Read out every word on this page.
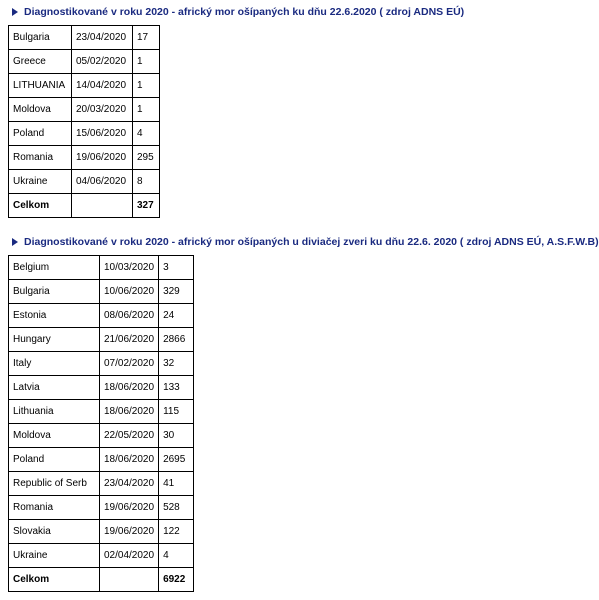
Diagnostikované v roku 2020 - africký mor ošípaných ku dňu 22.6.2020 ( zdroj ADNS EÚ)
Bulgaria	23/04/2020	17
Greece	05/02/2020	1
LITHUANIA	14/04/2020	1
Moldova	20/03/2020	1
Poland	15/06/2020	4
Romania	19/06/2020	295
Ukraine	04/06/2020	8
Celkom		327
Diagnostikované v roku 2020 - africký mor ošípaných u diviačej zveri ku dňu 22.6. 2020 ( zdroj ADNS EÚ, A.S.F.W.B)
Belgium	10/03/2020	3
Bulgaria	10/06/2020	329
Estonia	08/06/2020	24
Hungary	21/06/2020	2866
Italy	07/02/2020	32
Latvia	18/06/2020	133
Lithuania	18/06/2020	115
Moldova	22/05/2020	30
Poland	18/06/2020	2695
Republic of Serb	23/04/2020	41
Romania	19/06/2020	528
Slovakia	19/06/2020	122
Ukraine	02/04/2020	4
Celkom		6922
